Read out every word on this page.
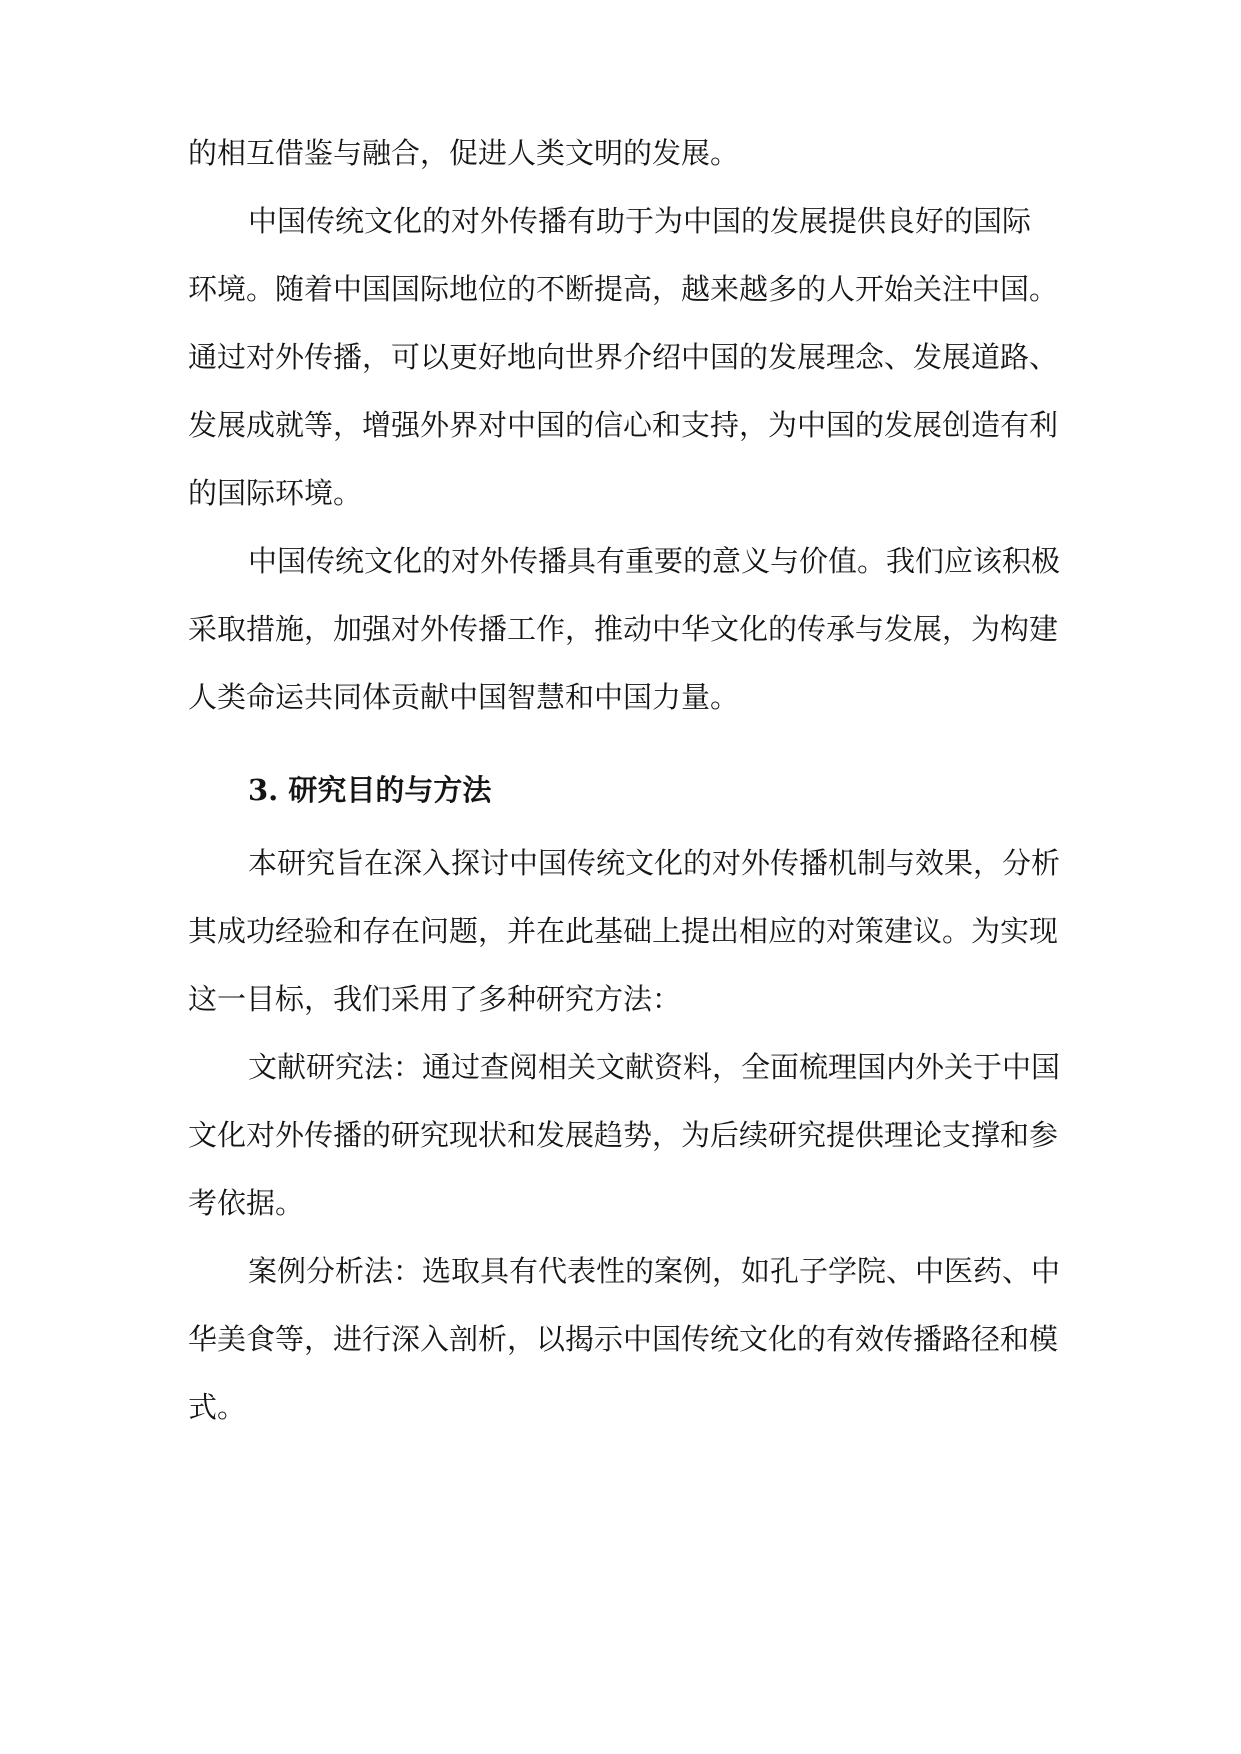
的相互借鉴与融合，促进人类文明的发展。
中国传统文化的对外传播有助于为中国的发展提供良好的国际
环境。随着中国国际地位的不断提高，越来越多的人开始关注中国。
通过对外传播，可以更好地向世界介绍中国的发展理念、发展道路、
发展成就等，增强外界对中国的信心和支持，为中国的发展创造有利
的国际环境。
中国传统文化的对外传播具有重要的意义与价值。我们应该积极
采取措施，加强对外传播工作，推动中华文化的传承与发展，为构建
人类命运共同体贡献中国智慧和中国力量。
3. 研究目的与方法
本研究旨在深入探讨中国传统文化的对外传播机制与效果，分析
其成功经验和存在问题，并在此基础上提出相应的对策建议。为实现
这一目标，我们采用了多种研究方法：
文献研究法：通过查阅相关文献资料，全面梳理国内外关于中国
文化对外传播的研究现状和发展趋势，为后续研究提供理论支撑和参
考依据。
案例分析法：选取具有代表性的案例，如孔子学院、中医药、中
华美食等，进行深入剖析，以揭示中国传统文化的有效传播路径和模
式。
